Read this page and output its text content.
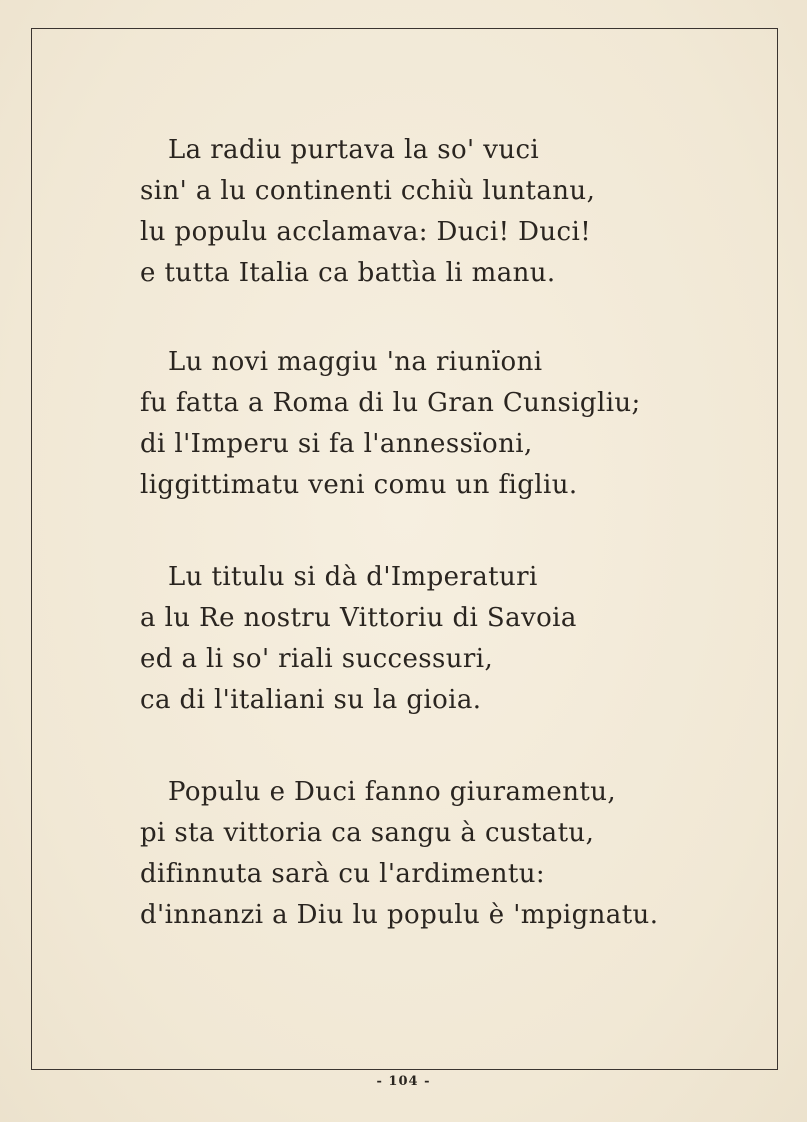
La radiu purtava la so' vuci
sin' a lu continenti cchiù luntanu,
lu populu acclamava: Duci! Duci!
e tutta Italia ca battìa li manu.
Lu novi maggiu 'na riunïoni
fu fatta a Roma di lu Gran Cunsigliu;
di l'Imperu si fa l'annessïoni,
liggittimatu veni comu un figliu.
Lu titulu si dà d'Imperaturi
a lu Re nostru Vittoriu di Savoia
ed a li so' riali successuri,
ca di l'italiani su la gioia.
Populu e Duci fanno giuramentu,
pi sta vittoria ca sangu à custatu,
difinnuta sarà cu l'ardimentu:
d'innanzi a Diu lu populu è 'mpignatu.
- 104 -
